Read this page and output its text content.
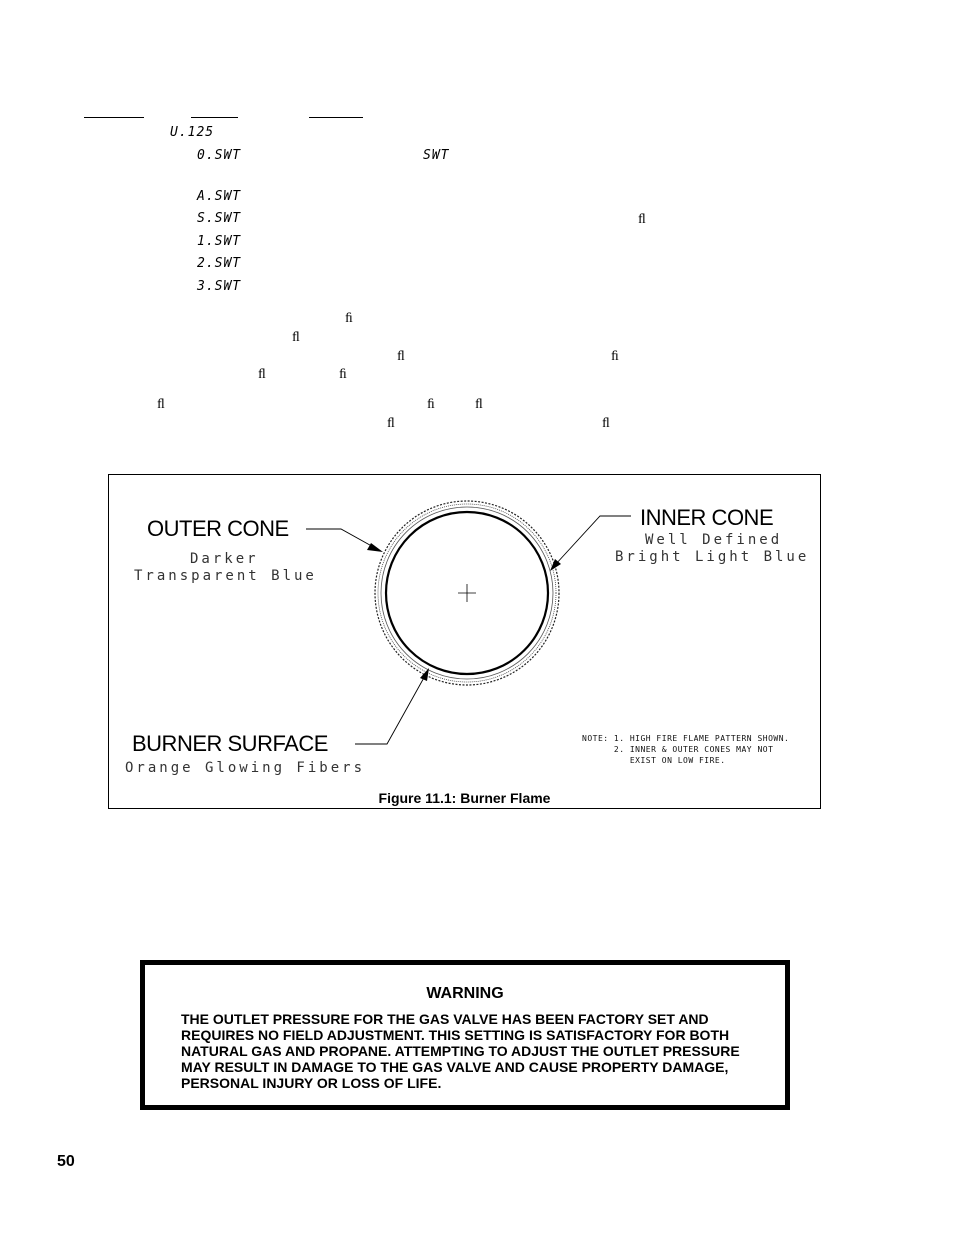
U.125
0.SWT	SWT
A.SWT
S.SWT
1.SWT
2.SWT
3.SWT
ﬂ
ﬁ
ﬂ
ﬂ	ﬁ
ﬂ	ﬁ
ﬂ	ﬁ	ﬂ
ﬂ	ﬂ
OUTER CONE
Darker
Transparent Blue
INNER CONE
Well Defined
Bright Light Blue
BURNER SURFACE
Orange Glowing Fibers
NOTE: 1. HIGH FIRE FLAME PATTERN SHOWN.
2. INNER & OUTER CONES MAY NOT
EXIST ON LOW FIRE.
Figure 11.1: Burner Flame
WARNING
THE OUTLET PRESSURE FOR THE GAS VALVE HAS BEEN FACTORY SET AND REQUIRES NO FIELD ADJUSTMENT. THIS SETTING IS SATISFACTORY FOR BOTH NATURAL GAS AND PROPANE. ATTEMPTING TO ADJUST THE OUTLET PRESSURE MAY RESULT IN DAMAGE TO THE GAS VALVE AND CAUSE PROPERTY DAMAGE, PERSONAL INJURY OR LOSS OF LIFE.
50
